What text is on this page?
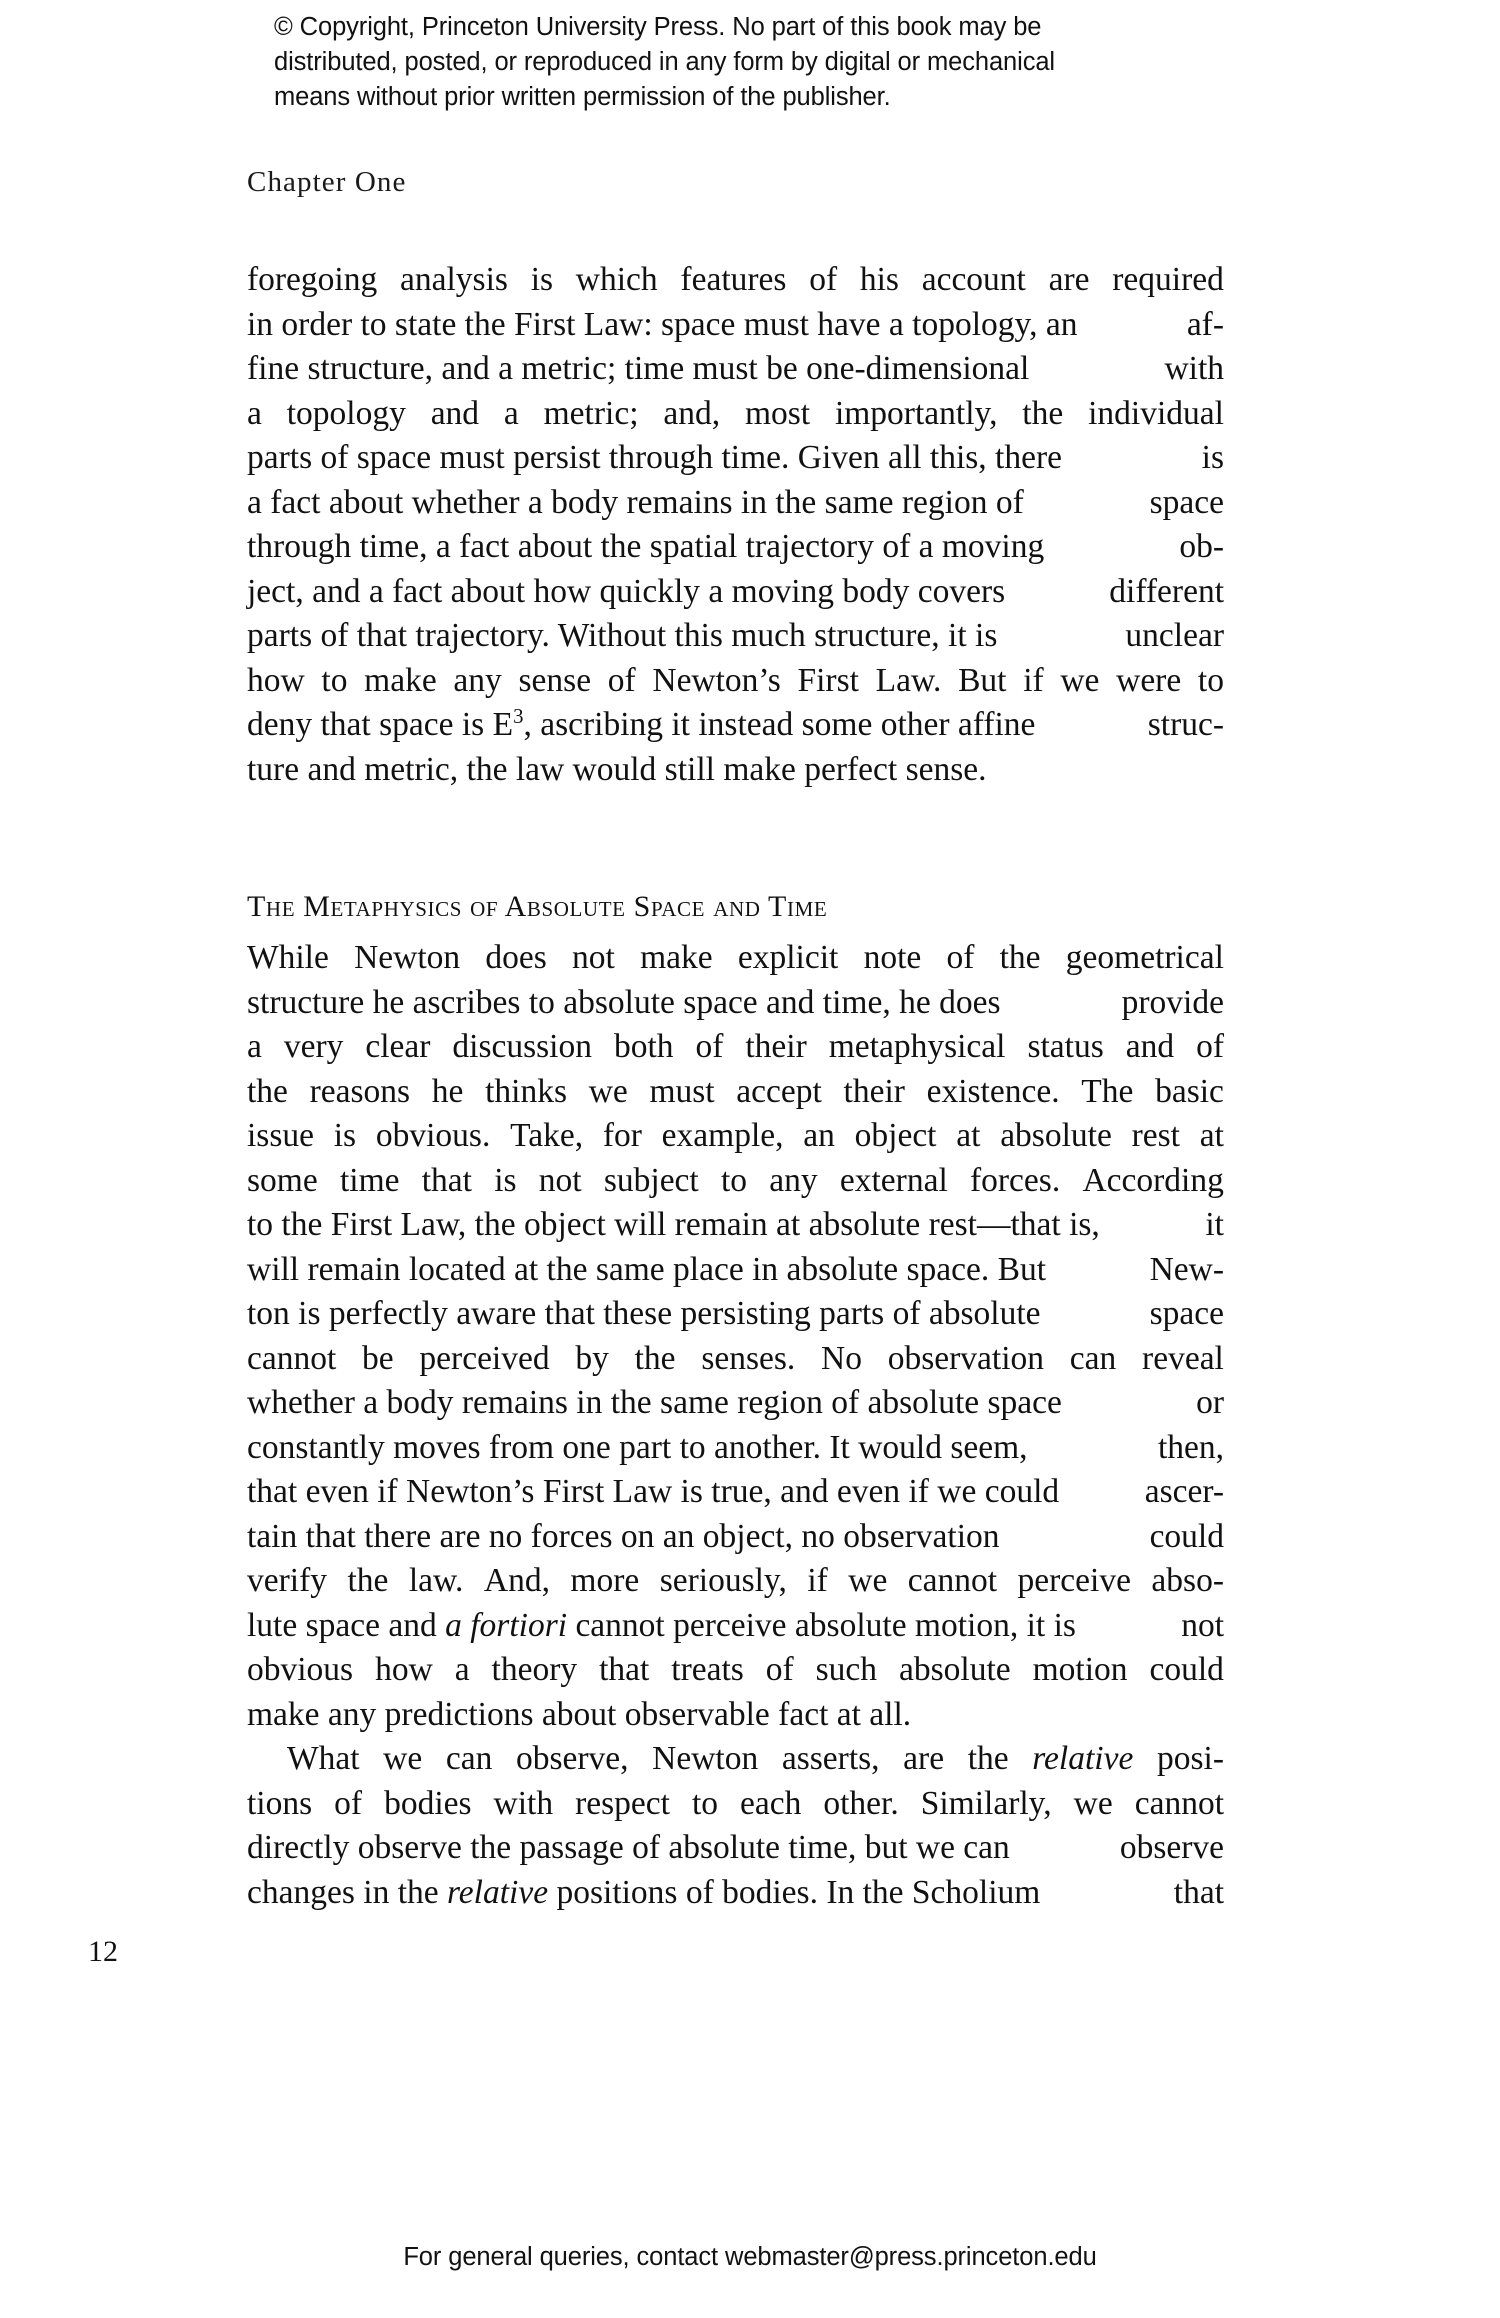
© Copyright, Princeton University Press. No part of this book may be
distributed, posted, or reproduced in any form by digital or mechanical
means without prior written permission of the publisher.
Chapter One

foregoing analysis is which features of his account are required
in order to state the First Law: space must have a topology, an	af-
fine structure, and a metric; time must be one-dimensional	with
a topology and a metric; and, most importantly, the individual
parts of space must persist through time. Given all this, there	is
a fact about whether a body remains in the same region of	space
through time, a fact about the spatial trajectory of a moving	ob-
ject, and a fact about how quickly a moving body covers	different
parts of that trajectory. Without this much structure, it is	unclear
how to make any sense of Newton’s First Law. But if we were to
deny that space is $E^3$, ascribing it instead some other affine	struc-
ture and metric, the law would still make perfect sense.

While Newton does not make explicit note of the geometrical
structure he ascribes to absolute space and time, he does	provide
a very clear discussion both of their metaphysical status and of
the reasons he thinks we must accept their existence. The basic
issue is obvious. Take, for example, an object at absolute rest at
some time that is not subject to any external forces. According
to the First Law, the object will remain at absolute rest—that is,	it
will remain located at the same place in absolute space. But	New-
ton is perfectly aware that these persisting parts of absolute	space
cannot be perceived by the senses. No observation can reveal
whether a body remains in the same region of absolute space	or
constantly moves from one part to another. It would seem,	then,
that even if Newton’s First Law is true, and even if we could	ascer-
tain that there are no forces on an object, no observation	could
verify the law. And, more seriously, if we cannot perceive abso-
lute space and a fortiori cannot perceive absolute motion, it is	not
obvious how a theory that treats of such absolute motion could
make any predictions about observable fact at all.

What we can observe, Newton asserts, are the relative posi-
tions of bodies with respect to each other. Similarly, we cannot
directly observe the passage of absolute time, but we can	observe
changes in the relative positions of bodies. In the Scholium	that

The Metaphysics of Absolute Space and Time
12
For general queries, contact webmaster@press.princeton.edu
